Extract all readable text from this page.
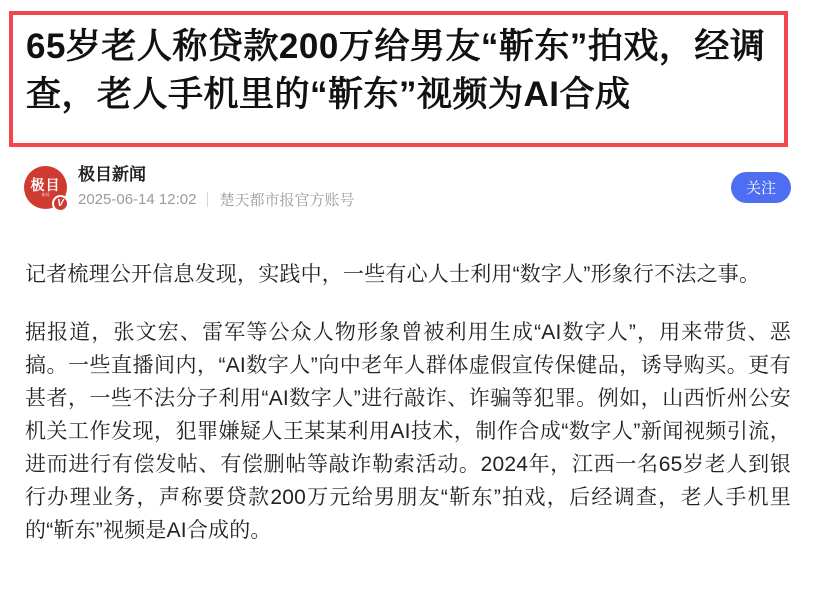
65岁老人称贷款200万给男友“靳东”拍戏，经调查，老人手机里的“靳东”视频为AI合成
极目
新闻
V
极目新闻
2025-06-14 12:02 楚天都市报官方账号
关注

记者梳理公开信息发现，实践中，一些有心人士利用“数字人”形象行不法之事。

据报道，张文宏、雷军等公众人物形象曾被利用生成“AI数字人”，用来带货、恶搞。一些直播间内，“AI数字人”向中老年人群体虚假宣传保健品，诱导购买。更有甚者，一些不法分子利用“AI数字人”进行敲诈、诈骗等犯罪。例如，山西忻州公安机关工作发现，犯罪嫌疑人王某某利用AI技术，制作合成“数字人”新闻视频引流，进而进行有偿发帖、有偿删帖等敲诈勒索活动。2024年，江西一名65岁老人到银行办理业务，声称要贷款200万元给男朋友“靳东”拍戏，后经调查，老人手机里的“靳东”视频是AI合成的。
